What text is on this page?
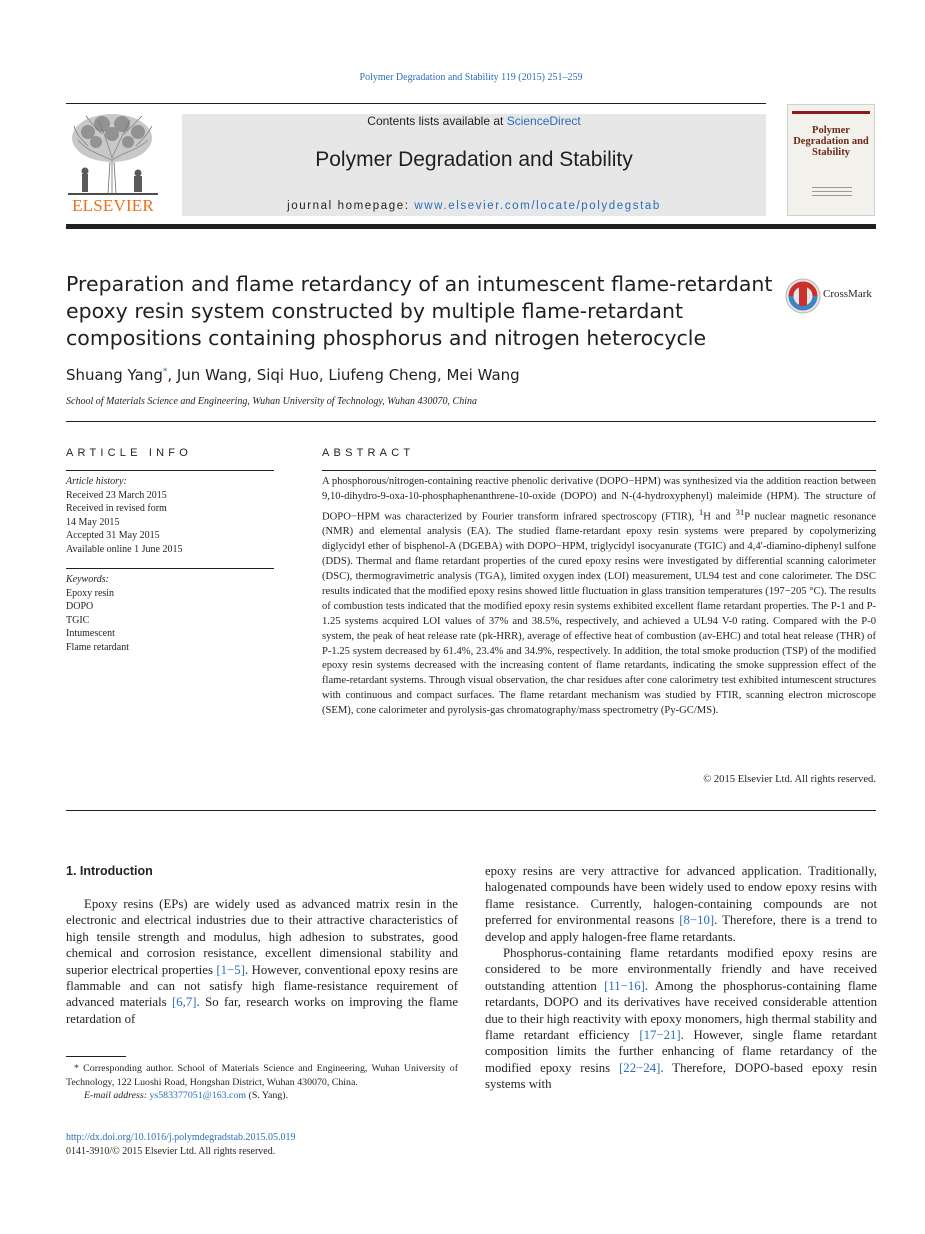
Polymer Degradation and Stability 119 (2015) 251–259
ELSEVIER
Contents lists available at ScienceDirect
Polymer Degradation and Stability
journal homepage: www.elsevier.com/locate/polydegstab
Polymer Degradation and Stability
Preparation and flame retardancy of an intumescent flame-retardant epoxy resin system constructed by multiple flame-retardant compositions containing phosphorus and nitrogen heterocycle
CrossMark
Shuang Yang*, Jun Wang, Siqi Huo, Liufeng Cheng, Mei Wang
School of Materials Science and Engineering, Wuhan University of Technology, Wuhan 430070, China
ARTICLE INFO
Article history:
Received 23 March 2015
Received in revised form
14 May 2015
Accepted 31 May 2015
Available online 1 June 2015
Keywords:
Epoxy resin
DOPO
TGIC
Intumescent
Flame retardant
ABSTRACT
A phosphorous/nitrogen-containing reactive phenolic derivative (DOPO−HPM) was synthesized via the addition reaction between 9,10-dihydro-9-oxa-10-phosphaphenanthrene-10-oxide (DOPO) and N-(4-hydroxyphenyl) maleimide (HPM). The structure of DOPO−HPM was characterized by Fourier transform infrared spectroscopy (FTIR), $^1$H and $^{31}$P nuclear magnetic resonance (NMR) and elemental analysis (EA). The studied flame-retardant epoxy resin systems were prepared by copolymerizing diglycidyl ether of bisphenol-A (DGEBA) with DOPO−HPM, triglycidyl isocyanurate (TGIC) and 4,4′-diamino-diphenyl sulfone (DDS). Thermal and flame retardant properties of the cured epoxy resins were investigated by differential scanning calorimeter (DSC), thermogravimetric analysis (TGA), limited oxygen index (LOI) measurement, UL94 test and cone calorimeter. The DSC results indicated that the modified epoxy resins showed little fluctuation in glass transition temperatures (197−205 °C). The results of combustion tests indicated that the modified epoxy resin systems exhibited excellent flame retardant properties. The P-1 and P-1.25 systems acquired LOI values of 37% and 38.5%, respectively, and achieved a UL94 V-0 rating. Compared with the P-0 system, the peak of heat release rate (pk-HRR), average of effective heat of combustion (av-EHC) and total heat release (THR) of P-1.25 system decreased by 61.4%, 23.4% and 34.9%, respectively. In addition, the total smoke production (TSP) of the modified epoxy resin systems decreased with the increasing content of flame retardants, indicating the smoke suppression effect of the flame-retardant systems. Through visual observation, the char residues after cone calorimetry test exhibited intumescent structures with continuous and compact surfaces. The flame retardant mechanism was studied by FTIR, scanning electron microscope (SEM), cone calorimeter and pyrolysis-gas chromatography/mass spectrometry (Py-GC/MS).
© 2015 Elsevier Ltd. All rights reserved.
1. Introduction

Epoxy resins (EPs) are widely used as advanced matrix resin in the electronic and electrical industries due to their attractive characteristics of high tensile strength and modulus, high adhesion to substrates, good chemical and corrosion resistance, excellent dimensional stability and superior electrical properties [1−5]. However, conventional epoxy resins are flammable and can not satisfy high flame-resistance requirement of advanced materials [6,7]. So far, research works on improving the flame retardation of

epoxy resins are very attractive for advanced application. Traditionally, halogenated compounds have been widely used to endow epoxy resins with flame resistance. Currently, halogen-containing compounds are not preferred for environmental reasons [8−10]. Therefore, there is a trend to develop and apply halogen-free flame retardants.

Phosphorus-containing flame retardants modified epoxy resins are considered to be more environmentally friendly and have received outstanding attention [11−16]. Among the phosphorus-containing flame retardants, DOPO and its derivatives have received considerable attention due to their high reactivity with epoxy monomers, high thermal stability and flame retardant efficiency [17−21]. However, single flame retardant composition limits the further enhancing of flame retardancy of the modified epoxy resins [22−24]. Therefore, DOPO-based epoxy resin systems with

* Corresponding author. School of Materials Science and Engineering, Wuhan University of Technology, 122 Luoshi Road, Hongshan District, Wuhan 430070, China.
E-mail address: ys583377051@163.com (S. Yang).
http://dx.doi.org/10.1016/j.polymdegradstab.2015.05.019
0141-3910/© 2015 Elsevier Ltd. All rights reserved.
